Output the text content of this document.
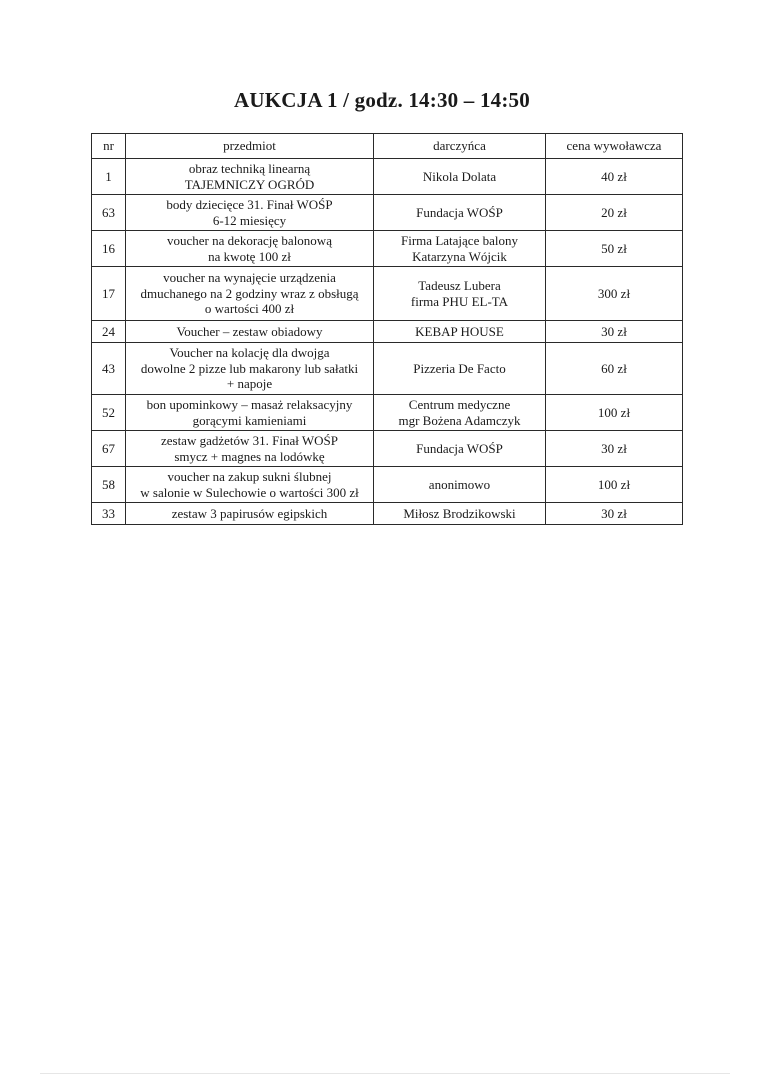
AUKCJA 1 / godz. 14:30 – 14:50
nr	przedmiot	darczyńca	cena wywoławcza
1	obraz techniką linearną
TAJEMNICZY OGRÓD	Nikola Dolata	40 zł
63	body dziecięce 31. Finał WOŚP
6-12 miesięcy	Fundacja WOŚP	20 zł
16	voucher na dekorację balonową
na kwotę 100 zł	Firma Latające balony
Katarzyna Wójcik	50 zł
17	voucher na wynajęcie urządzenia
dmuchanego na 2 godziny wraz z obsługą
o wartości 400 zł	Tadeusz Lubera
firma PHU EL-TA	300 zł
24	Voucher – zestaw obiadowy	KEBAP HOUSE	30 zł
43	Voucher na kolację dla dwojga
dowolne 2 pizze lub makarony lub sałatki
+ napoje	Pizzeria De Facto	60 zł
52	bon upominkowy – masaż relaksacyjny
gorącymi kamieniami	Centrum medyczne
mgr Bożena Adamczyk	100 zł
67	zestaw gadżetów 31. Finał WOŚP
smycz + magnes na lodówkę	Fundacja WOŚP	30 zł
58	voucher na zakup sukni ślubnej
w salonie w Sulechowie o wartości 300 zł	anonimowo	100 zł
33	zestaw 3 papirusów egipskich	Miłosz Brodzikowski	30 zł
